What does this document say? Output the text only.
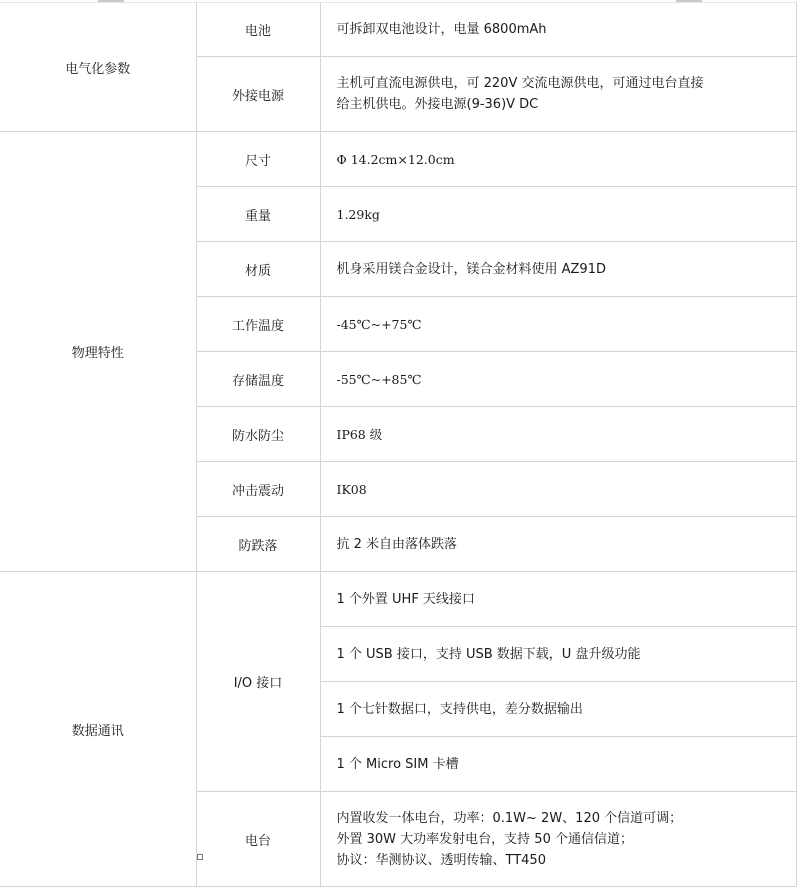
电气化参数	电池	可拆卸双电池设计，电量 6800mAh
	外接电源	主机可直流电源供电，可 220V 交流电源供电，可通过电台直接给主机供电。外接电源(9-36)V DC
物理特性	尺寸	Φ 14.2cm×12.0cm
	重量	1.29kg
	材质	机身采用镁合金设计，镁合金材料使用 AZ91D
	工作温度	-45℃~+75℃
	存储温度	-55℃~+85℃
	防水防尘	IP68 级
	冲击震动	IK08
	防跌落	抗 2 米自由落体跌落
数据通讯	I/O 接口	1 个外置 UHF 天线接口
		1 个 USB 接口，支持 USB 数据下载，U 盘升级功能
		1 个七针数据口，支持供电，差分数据输出
		1 个 Micro SIM 卡槽
	电台	内置收发一体电台，功率：0.1W~ 2W、120 个信道可调；
外置 30W 大功率发射电台，支持 50 个通信信道；
协议：华测协议、透明传输、TT450
